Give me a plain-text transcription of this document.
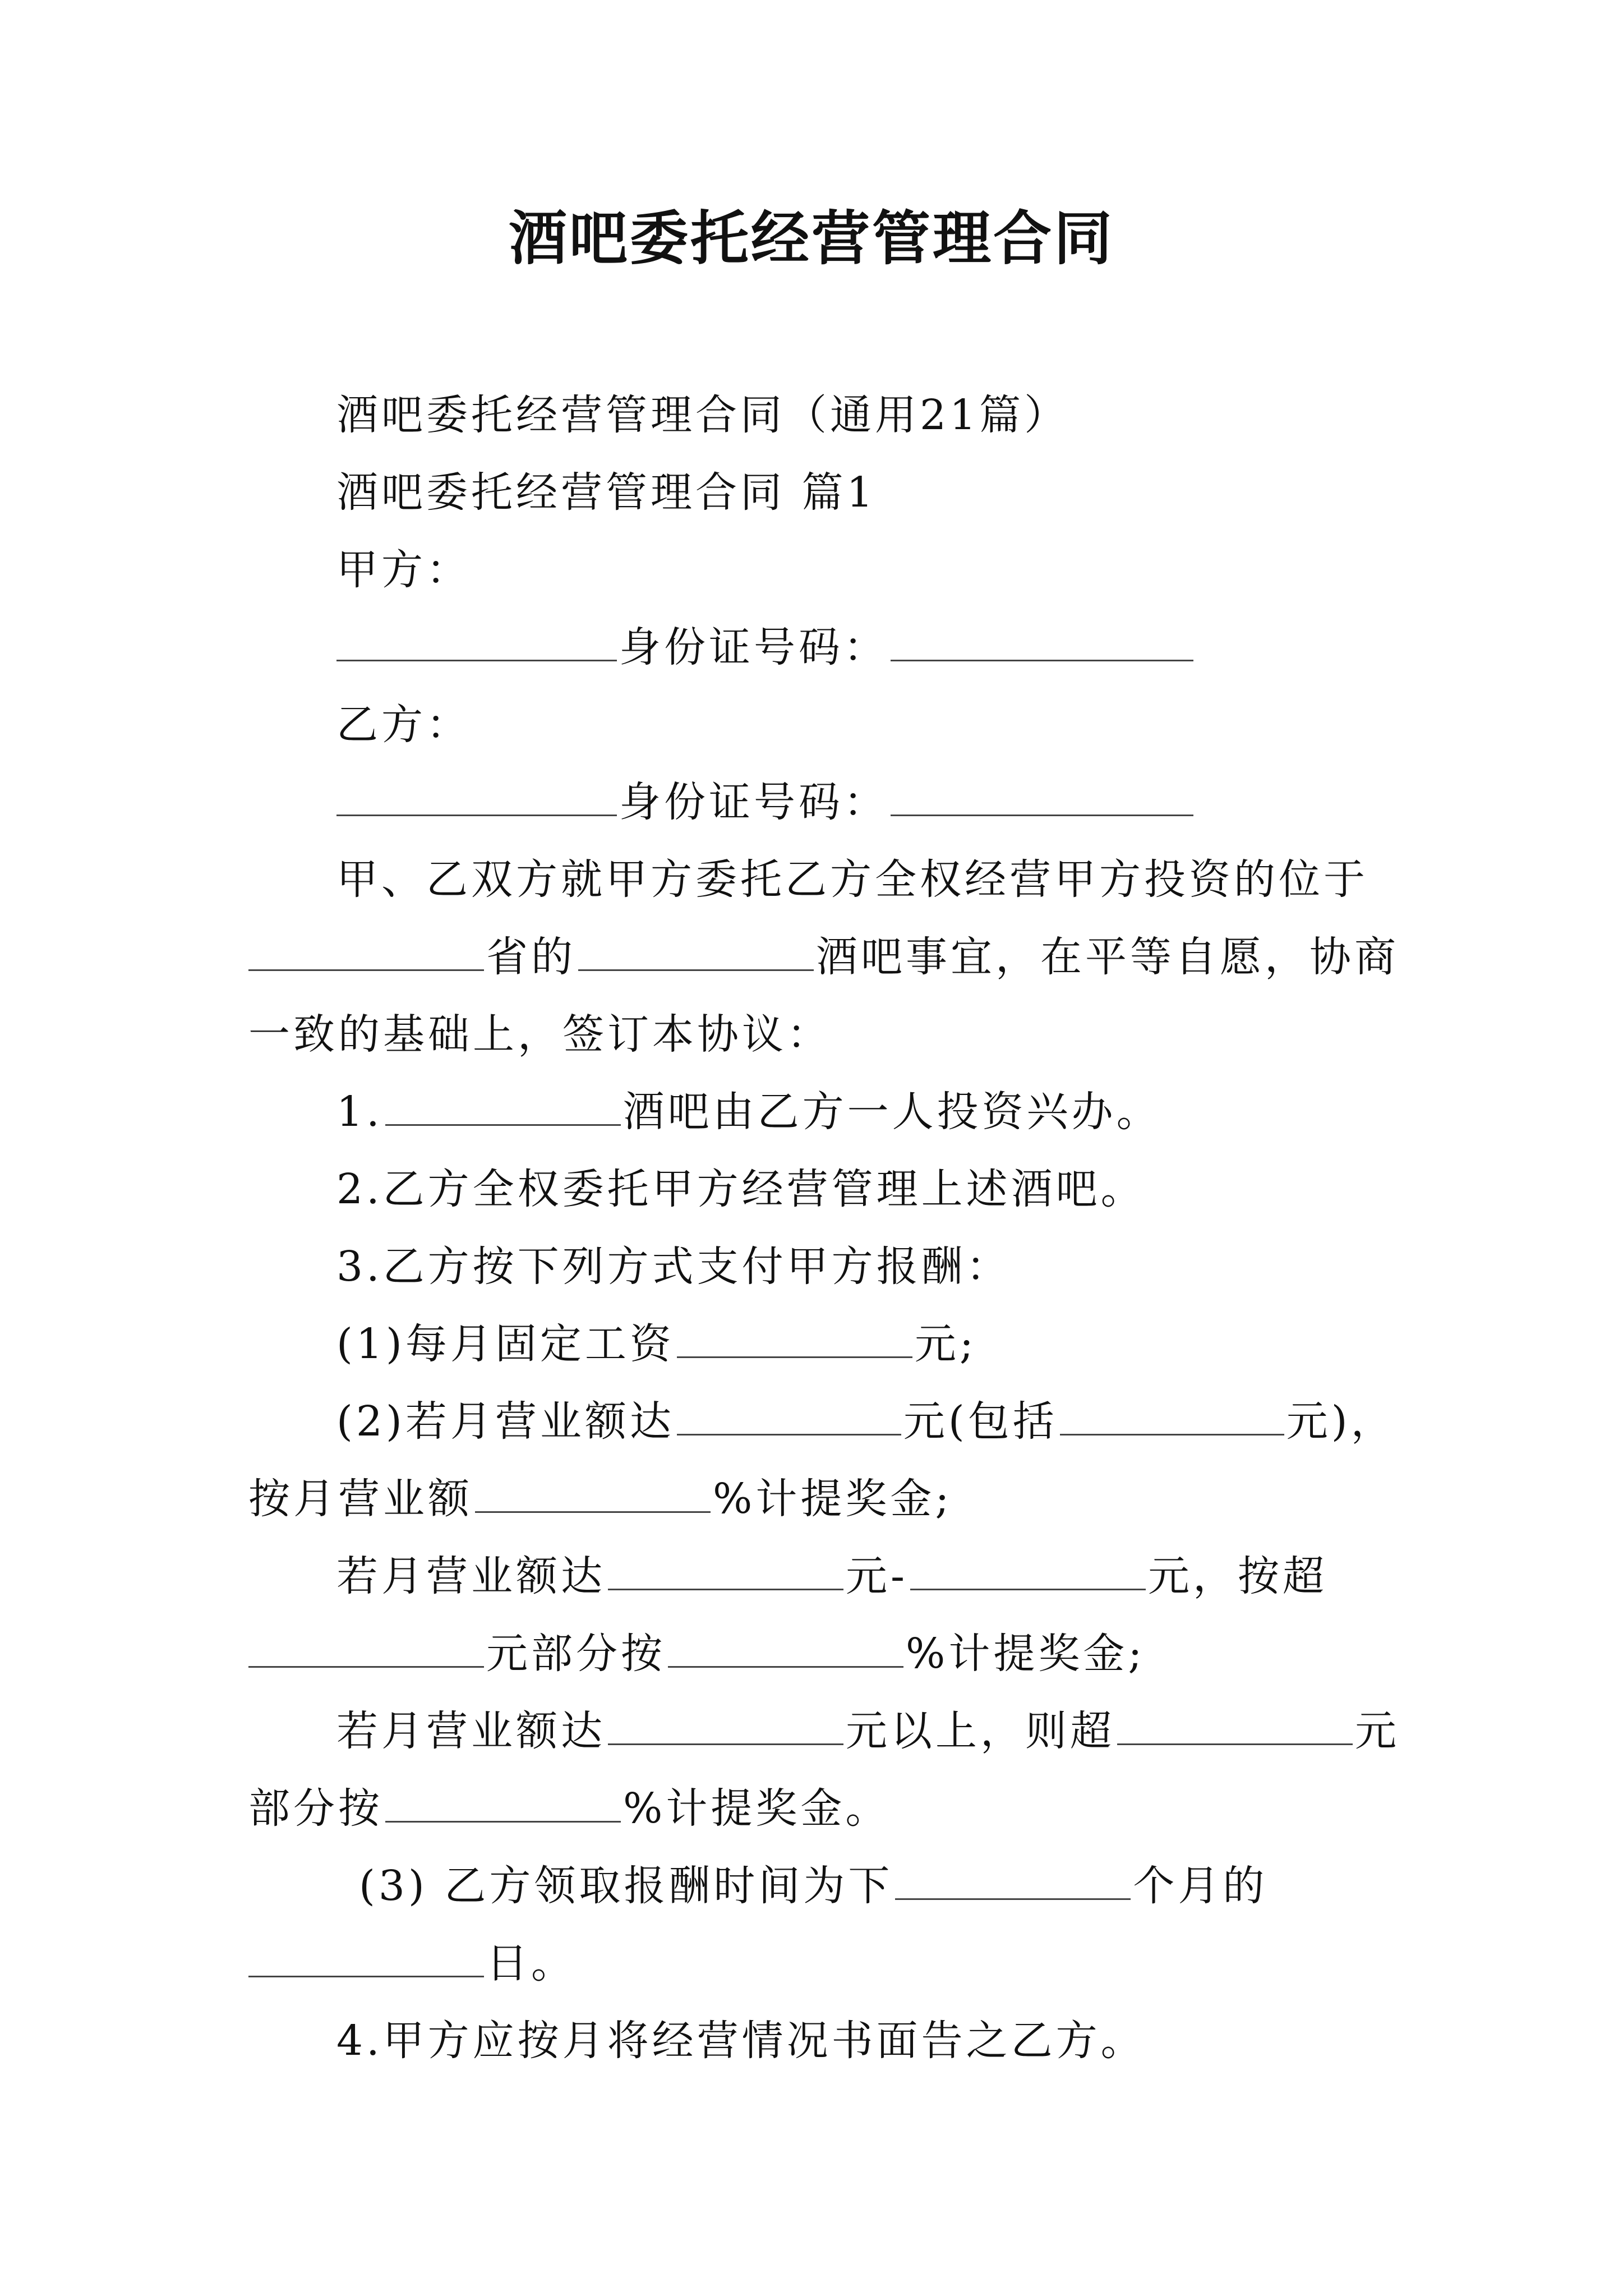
酒吧委托经营管理合同
酒吧委托经营管理合同（通用21篇）
酒吧委托经营管理合同 篇1
甲方：
身份证号码：
乙方：
身份证号码：
甲、乙双方就甲方委托乙方全权经营甲方投资的位于
省的	酒吧事宜，在平等自愿，协商
一致的基础上，签订本协议：
1.	酒吧由乙方一人投资兴办。
2.乙方全权委托甲方经营管理上述酒吧。
3.乙方按下列方式支付甲方报酬：
(1)每月固定工资	元;
(2)若月营业额达	元(包括	元)，
按月营业额	%计提奖金;
若月营业额达	元-	元，按超
元部分按	%计提奖金;
若月营业额达	元以上，则超	元
部分按	%计提奖金。
(3) 乙方领取报酬时间为下	个月的
日。
4.甲方应按月将经营情况书面告之乙方。
